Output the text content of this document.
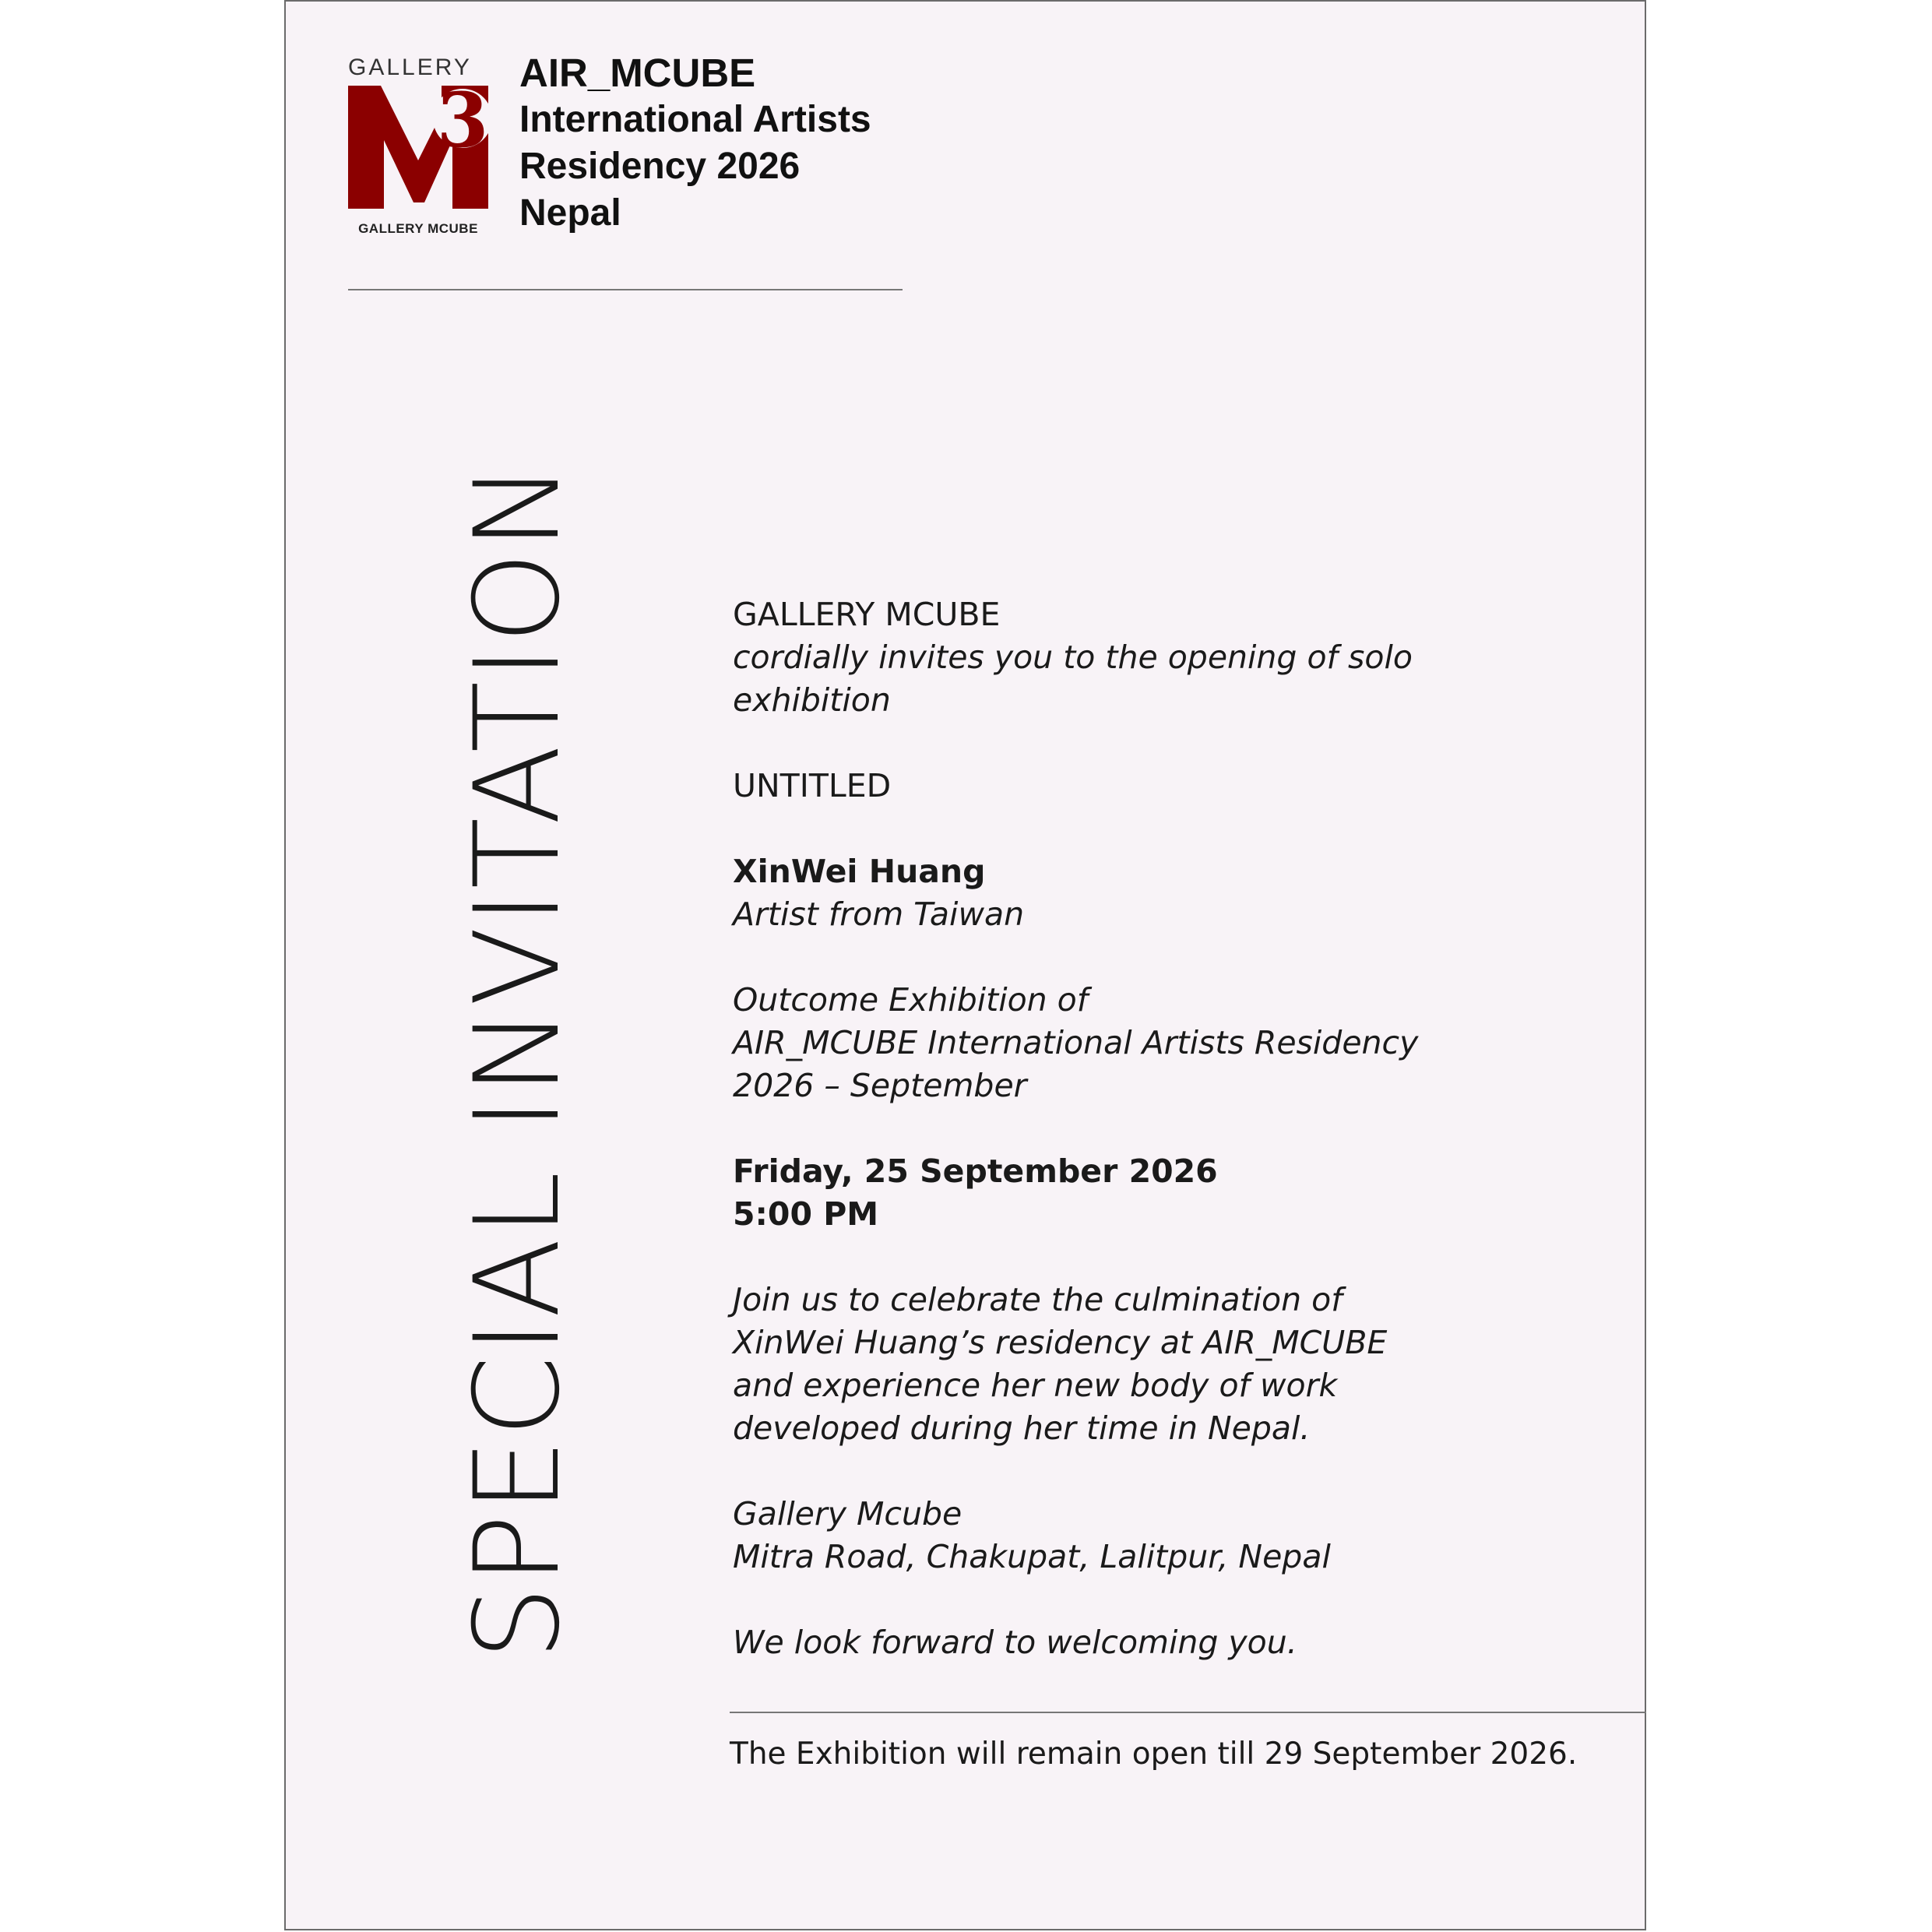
GALLERY
3
GALLERY MCUBE
AIR_MCUBE
International Artists
Residency 2026
Nepal
SPECIAL INVITATION	GALLERY MCUBE
cordially invites you to the opening of solo
exhibition
UNTITLED
XinWei Huang
Artist from Taiwan
Outcome Exhibition of
AIR_MCUBE International Artists Residency
2026 – September
Friday, 25 September 2026
5:00 PM
Join us to celebrate the culmination of
XinWei Huang’s residency at AIR_MCUBE
and experience her new body of work
developed during her time in Nepal.
Gallery Mcube
Mitra Road, Chakupat, Lalitpur, Nepal
We look forward to welcoming you.
The Exhibition will remain open till 29 September 2026.
